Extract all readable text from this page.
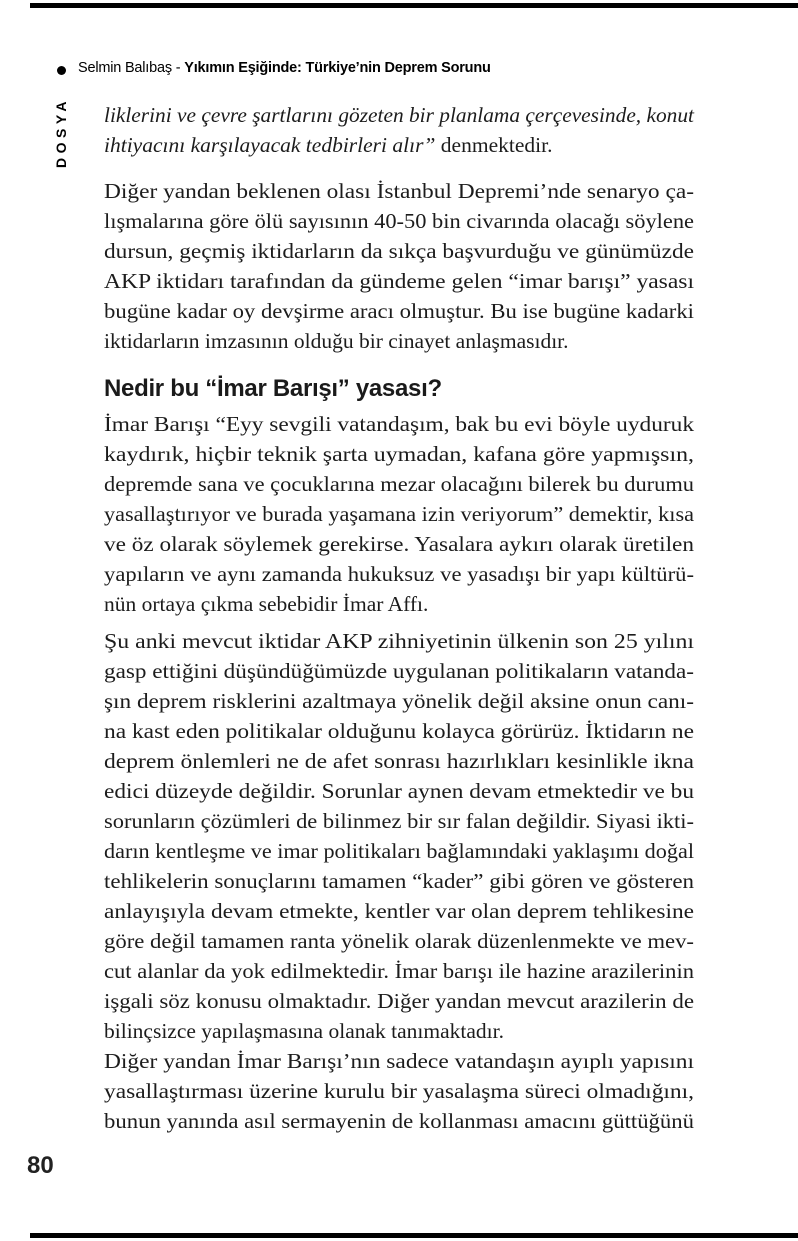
Selmin Balıbaş - Yıkımın Eşiğinde: Türkiye’nin Deprem Sorunu
DOSYA liklerini ve çevre şartlarını gözeten bir planlama çerçevesinde, konut
ihtiyacını karşılayacak tedbirleri alır” denmektedir.
Diğer yandan beklenen olası İstanbul Depremi’nde senaryo ça-
lışmalarına göre ölü sayısının 40-50 bin civarında olacağı söylene
dursun, geçmiş iktidarların da sıkça başvurduğu ve günümüzde
AKP iktidarı tarafından da gündeme gelen “imar barışı” yasası
bugüne kadar oy devşirme aracı olmuştur. Bu ise bugüne kadarki
iktidarların imzasının olduğu bir cinayet anlaşmasıdır.
Nedir bu “İmar Barışı” yasası?
İmar Barışı “Eyy sevgili vatandaşım, bak bu evi böyle uyduruk
kaydırık, hiçbir teknik şarta uymadan, kafana göre yapmışsın,
depremde sana ve çocuklarına mezar olacağını bilerek bu durumu
yasallaştırıyor ve burada yaşamana izin veriyorum” demektir, kısa
ve öz olarak söylemek gerekirse. Yasalara aykırı olarak üretilen
yapıların ve aynı zamanda hukuksuz ve yasadışı bir yapı kültürü-
nün ortaya çıkma sebebidir İmar Affı.
Şu anki mevcut iktidar AKP zihniyetinin ülkenin son 25 yılını
gasp ettiğini düşündüğümüzde uygulanan politikaların vatanda-
şın deprem risklerini azaltmaya yönelik değil aksine onun canı-
na kast eden politikalar olduğunu kolayca görürüz. İktidarın ne
deprem önlemleri ne de afet sonrası hazırlıkları kesinlikle ikna
edici düzeyde değildir. Sorunlar aynen devam etmektedir ve bu
sorunların çözümleri de bilinmez bir sır falan değildir. Siyasi ikti-
darın kentleşme ve imar politikaları bağlamındaki yaklaşımı doğal
tehlikelerin sonuçlarını tamamen “kader” gibi gören ve gösteren
anlayışıyla devam etmekte, kentler var olan deprem tehlikesine
göre değil tamamen ranta yönelik olarak düzenlenmekte ve mev-
cut alanlar da yok edilmektedir. İmar barışı ile hazine arazilerinin
işgali söz konusu olmaktadır. Diğer yandan mevcut arazilerin de
bilinçsizce yapılaşmasına olanak tanımaktadır.
Diğer yandan İmar Barışı’nın sadece vatandaşın ayıplı yapısını
yasallaştırması üzerine kurulu bir yasalaşma süreci olmadığını,
bunun yanında asıl sermayenin de kollanması amacını güttüğünü
80
